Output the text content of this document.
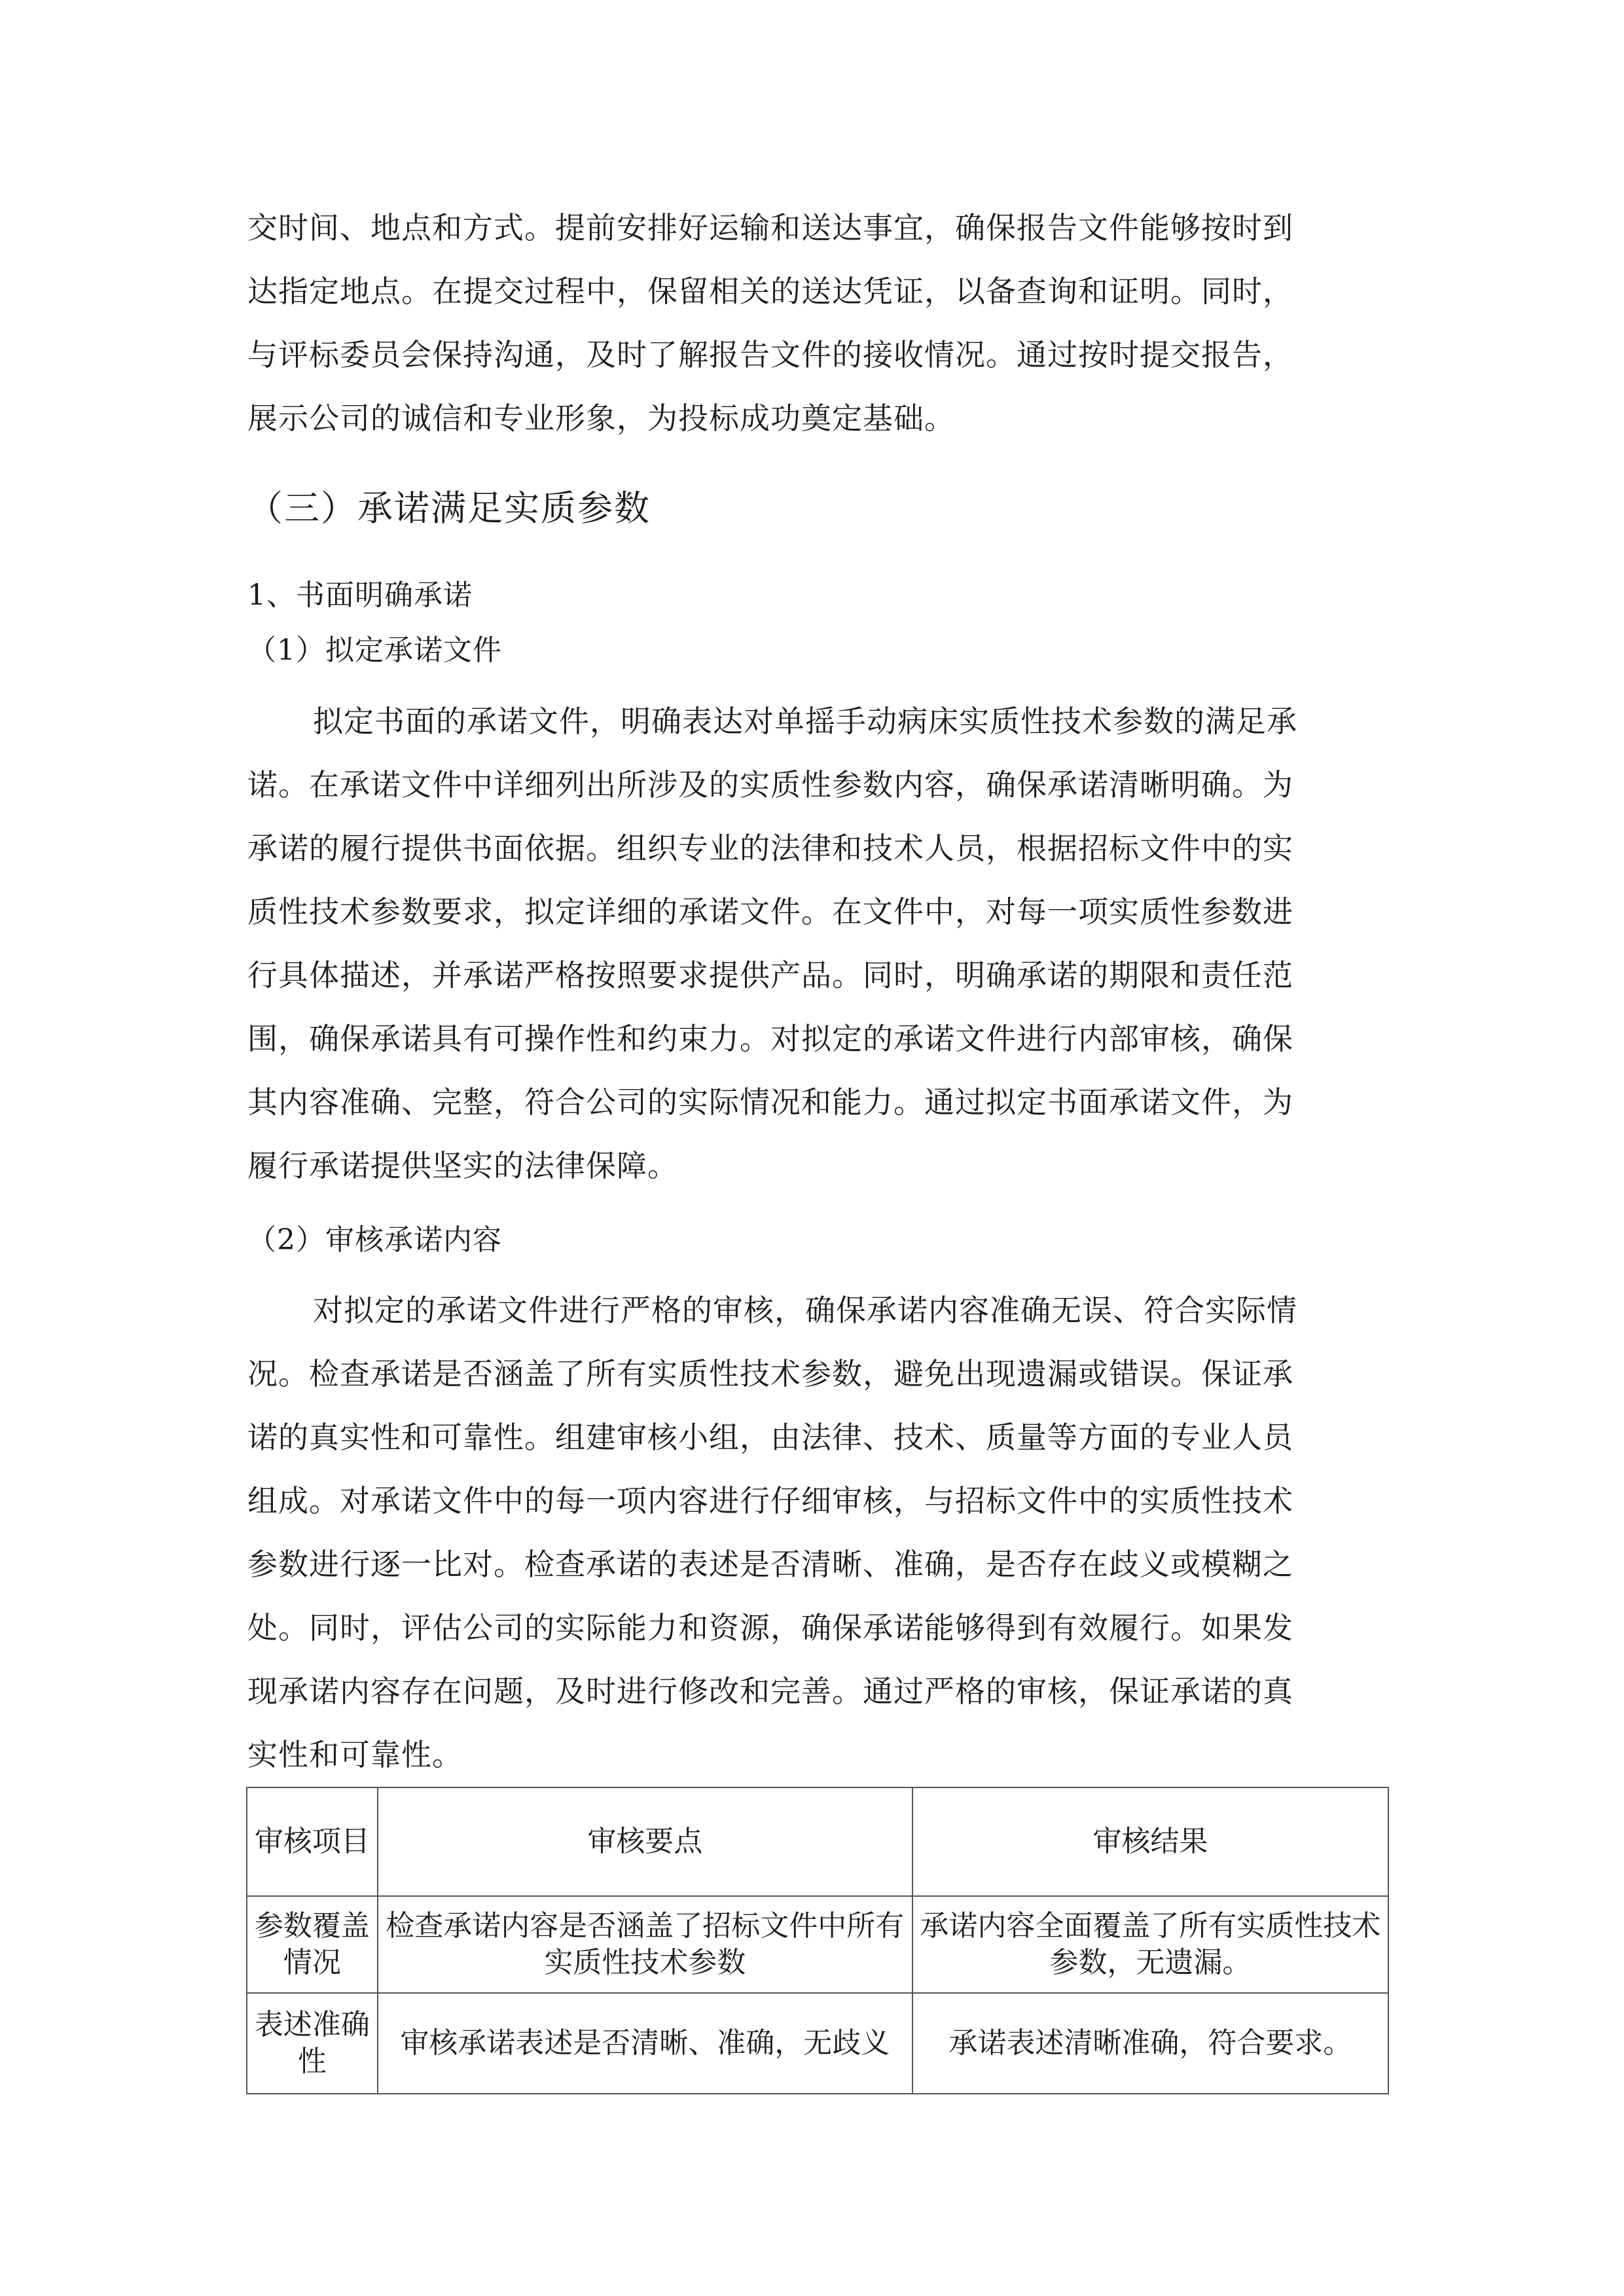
交时间、地点和方式。提前安排好运输和送达事宜，确保报告文件能够按时到
达指定地点。在提交过程中，保留相关的送达凭证，以备查询和证明。同时，
与评标委员会保持沟通，及时了解报告文件的接收情况。通过按时提交报告，
展示公司的诚信和专业形象，为投标成功奠定基础。
（三）承诺满足实质参数
1、书面明确承诺
（1）拟定承诺文件
拟定书面的承诺文件，明确表达对单摇手动病床实质性技术参数的满足承
诺。在承诺文件中详细列出所涉及的实质性参数内容，确保承诺清晰明确。为
承诺的履行提供书面依据。组织专业的法律和技术人员，根据招标文件中的实
质性技术参数要求，拟定详细的承诺文件。在文件中，对每一项实质性参数进
行具体描述，并承诺严格按照要求提供产品。同时，明确承诺的期限和责任范
围，确保承诺具有可操作性和约束力。对拟定的承诺文件进行内部审核，确保
其内容准确、完整，符合公司的实际情况和能力。通过拟定书面承诺文件，为
履行承诺提供坚实的法律保障。
（2）审核承诺内容
对拟定的承诺文件进行严格的审核，确保承诺内容准确无误、符合实际情
况。检查承诺是否涵盖了所有实质性技术参数，避免出现遗漏或错误。保证承
诺的真实性和可靠性。组建审核小组，由法律、技术、质量等方面的专业人员
组成。对承诺文件中的每一项内容进行仔细审核，与招标文件中的实质性技术
参数进行逐一比对。检查承诺的表述是否清晰、准确，是否存在歧义或模糊之
处。同时，评估公司的实际能力和资源，确保承诺能够得到有效履行。如果发
现承诺内容存在问题，及时进行修改和完善。通过严格的审核，保证承诺的真
实性和可靠性。
审核项目	审核要点	审核结果
参数覆盖情况	检查承诺内容是否涵盖了招标文件中所有实质性技术参数	承诺内容全面覆盖了所有实质性技术参数，无遗漏。
表述准确性	审核承诺表述是否清晰、准确，无歧义	承诺表述清晰准确，符合要求。
